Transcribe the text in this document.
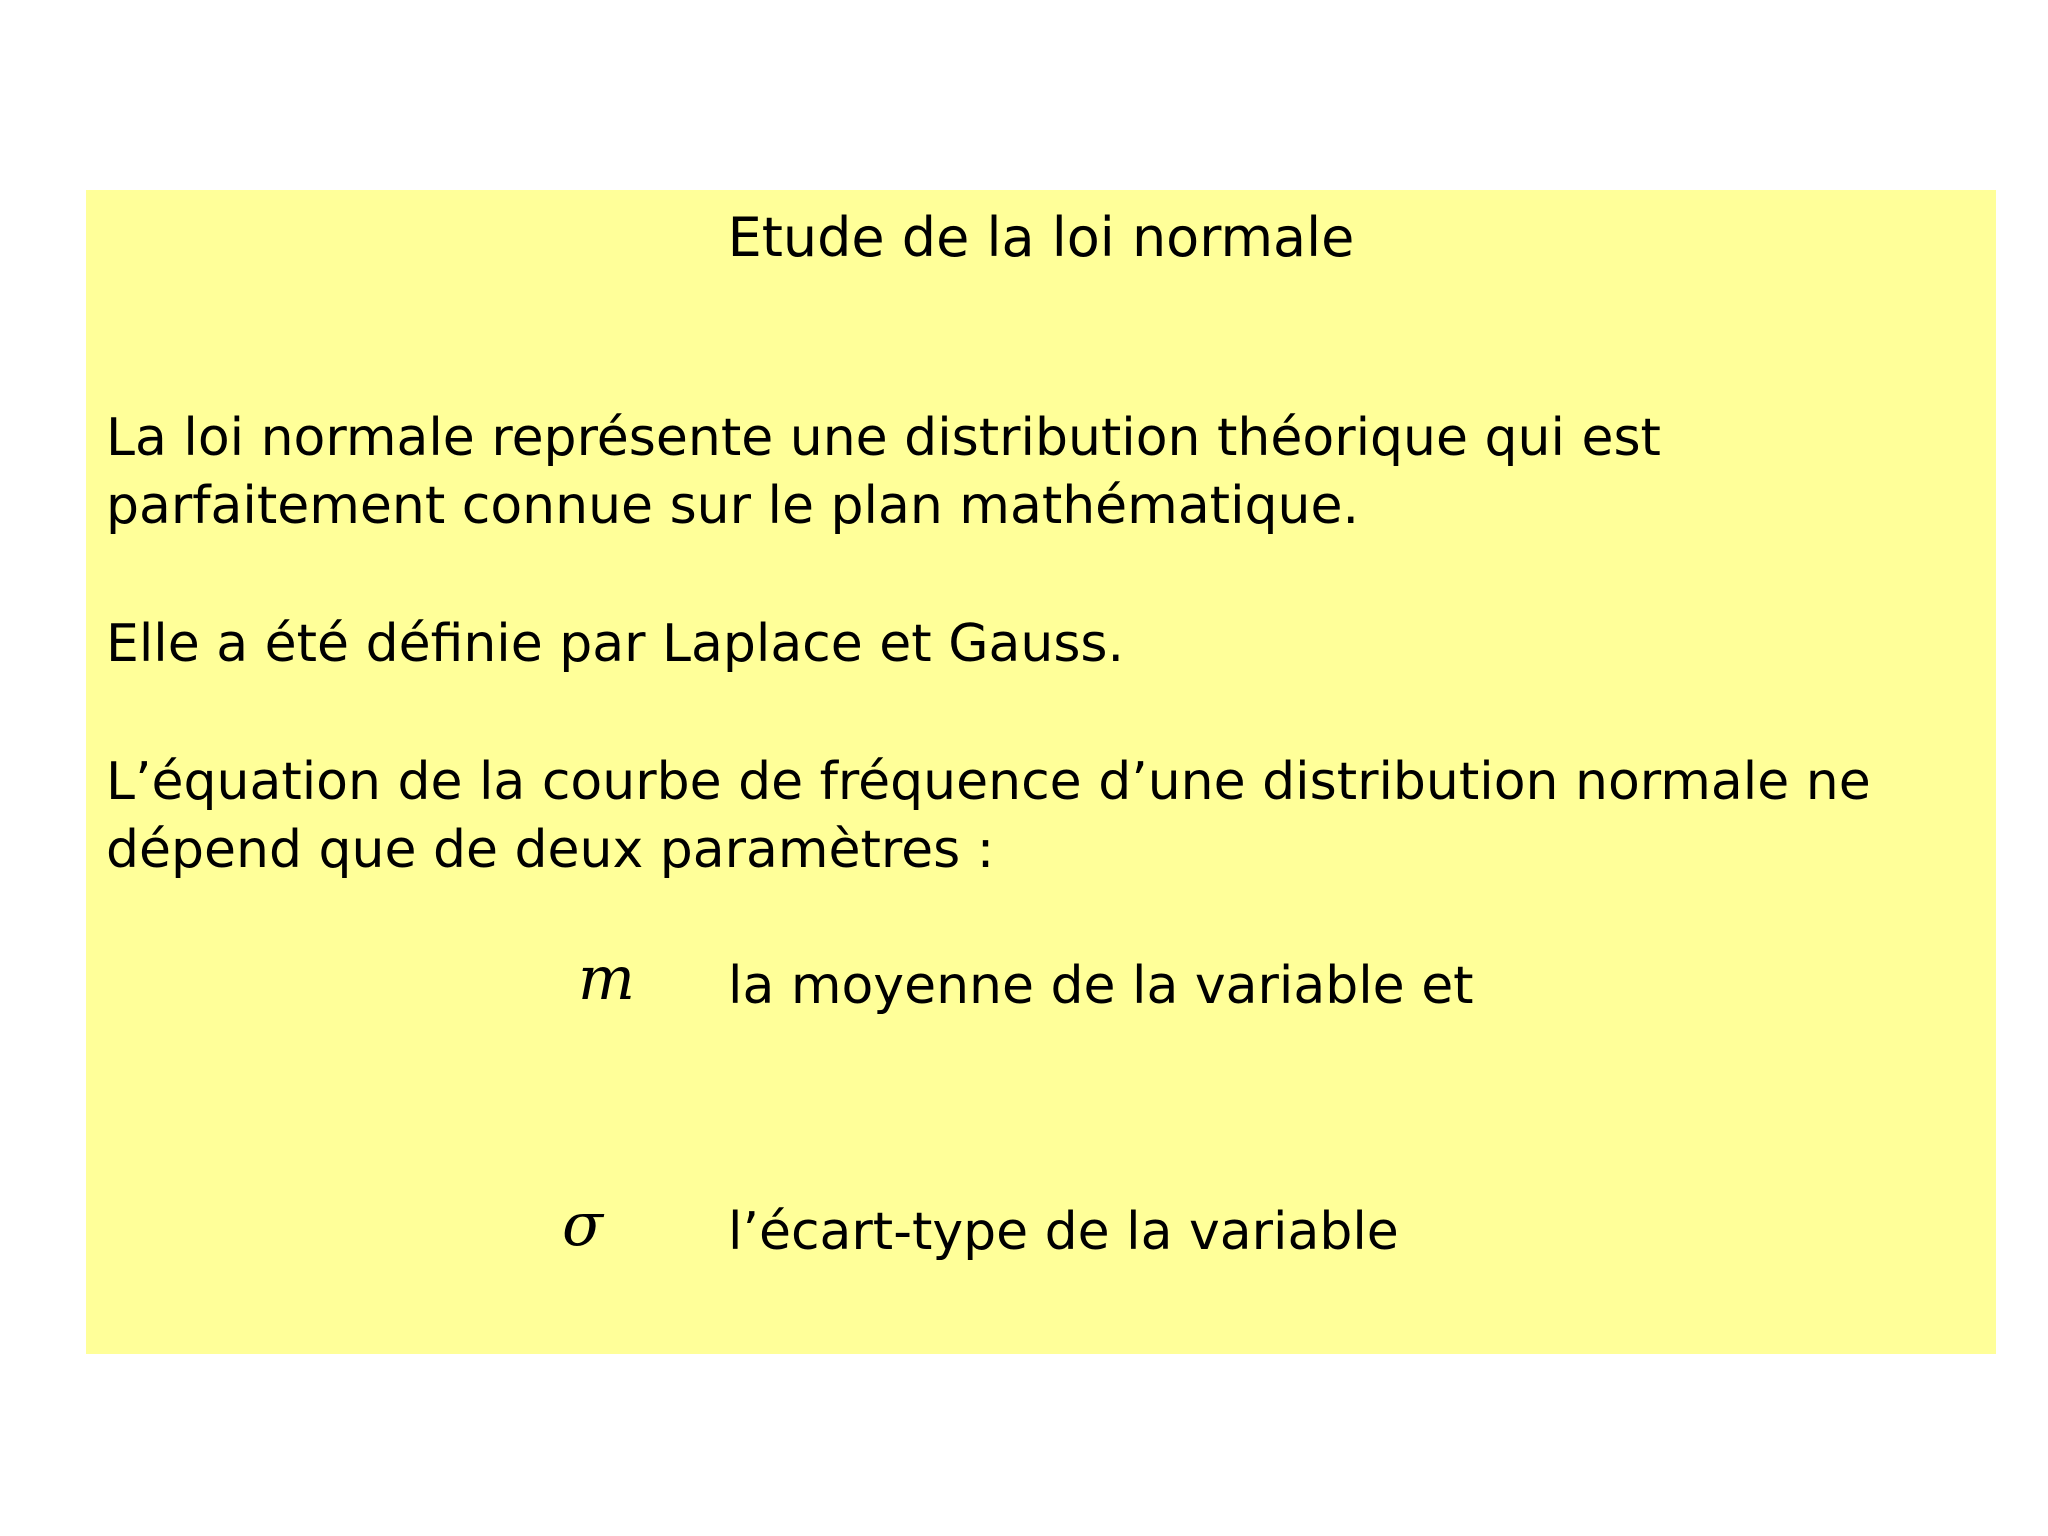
Etude de la loi normale
La loi normale représente une distribution théorique qui est
parfaitement connue sur le plan mathématique.
Elle a été définie par Laplace et Gauss.
L’équation de la courbe de fréquence d’une distribution normale ne
dépend que de deux paramètres :
m la moyenne de la variable et
σ l’écart-type de la variable
